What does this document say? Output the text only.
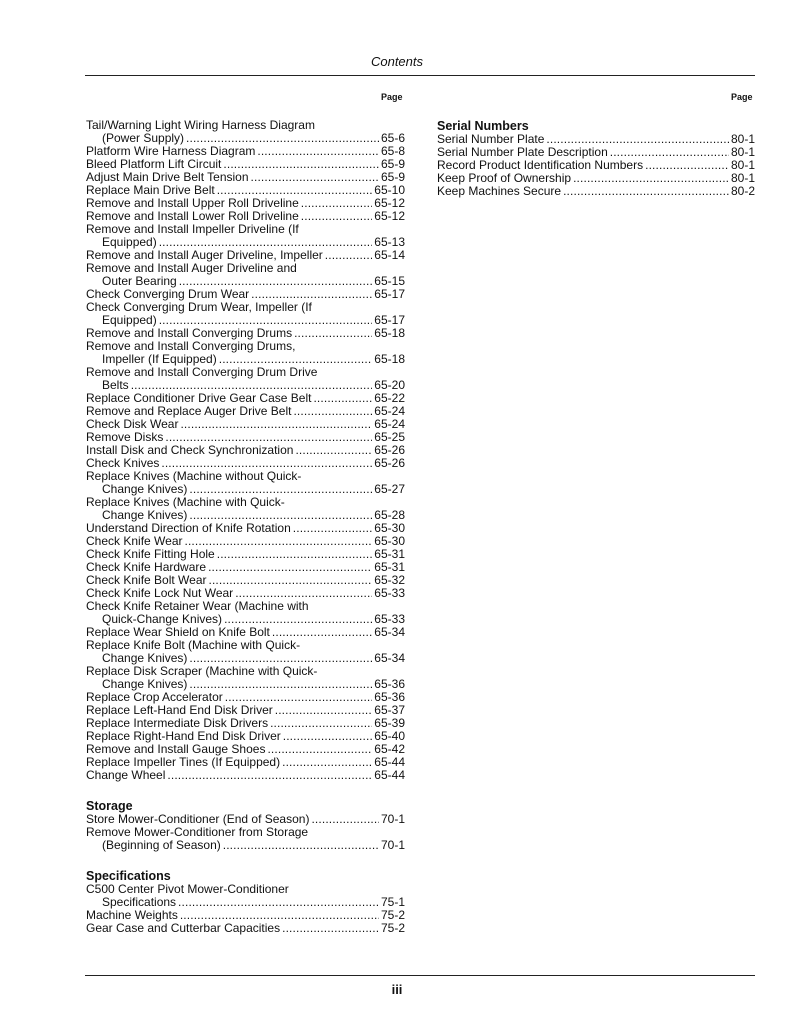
Contents
Page	Page
Tail/Warning Light Wiring Harness Diagram
(Power Supply) . . .	65-6
Platform Wire Harness Diagram . . .	65-8
Bleed Platform Lift Circuit . . .	65-9
Adjust Main Drive Belt Tension . . .	65-9
Replace Main Drive Belt . . .	65-10
Remove and Install Upper Roll Driveline . . .	65-12
Remove and Install Lower Roll Driveline . . .	65-12
Remove and Install Impeller Driveline (If
Equipped) . . .	65-13
Remove and Install Auger Driveline, Impeller . . .	65-14
Remove and Install Auger Driveline and
Outer Bearing . . .	65-15
Check Converging Drum Wear . . .	65-17
Check Converging Drum Wear, Impeller (If
Equipped) . . .	65-17
Remove and Install Converging Drums . . .	65-18
Remove and Install Converging Drums,
Impeller (If Equipped) . . .	65-18
Remove and Install Converging Drum Drive
Belts . . .	65-20
Replace Conditioner Drive Gear Case Belt . . .	65-22
Remove and Replace Auger Drive Belt . . .	65-24
Check Disk Wear . . .	65-24
Remove Disks . . .	65-25
Install Disk and Check Synchronization . . .	65-26
Check Knives . . .	65-26
Replace Knives (Machine without Quick-
Change Knives) . . .	65-27
Replace Knives (Machine with Quick-
Change Knives) . . .	65-28
Understand Direction of Knife Rotation . . .	65-30
Check Knife Wear . . .	65-30
Check Knife Fitting Hole . . .	65-31
Check Knife Hardware . . .	65-31
Check Knife Bolt Wear . . .	65-32
Check Knife Lock Nut Wear . . .	65-33
Check Knife Retainer Wear (Machine with
Quick-Change Knives) . . .	65-33
Replace Wear Shield on Knife Bolt . . .	65-34
Replace Knife Bolt (Machine with Quick-
Change Knives) . . .	65-34
Replace Disk Scraper (Machine with Quick-
Change Knives) . . .	65-36
Replace Crop Accelerator . . .	65-36
Replace Left-Hand End Disk Driver . . .	65-37
Replace Intermediate Disk Drivers . . .	65-39
Replace Right-Hand End Disk Driver . . .	65-40
Remove and Install Gauge Shoes . . .	65-42
Replace Impeller Tines (If Equipped) . . .	65-44
Change Wheel . . .	65-44
Storage
Store Mower-Conditioner (End of Season) . . .	70-1
Remove Mower-Conditioner from Storage
(Beginning of Season) . . .	70-1
Specifications
C500 Center Pivot Mower-Conditioner
Specifications . . .	75-1
Machine Weights . . .	75-2
Gear Case and Cutterbar Capacities . . .	75-2
Serial Numbers
Serial Number Plate . . .	80-1
Serial Number Plate Description . . .	80-1
Record Product Identification Numbers . . .	80-1
Keep Proof of Ownership . . .	80-1
Keep Machines Secure . . .	80-2
iii
